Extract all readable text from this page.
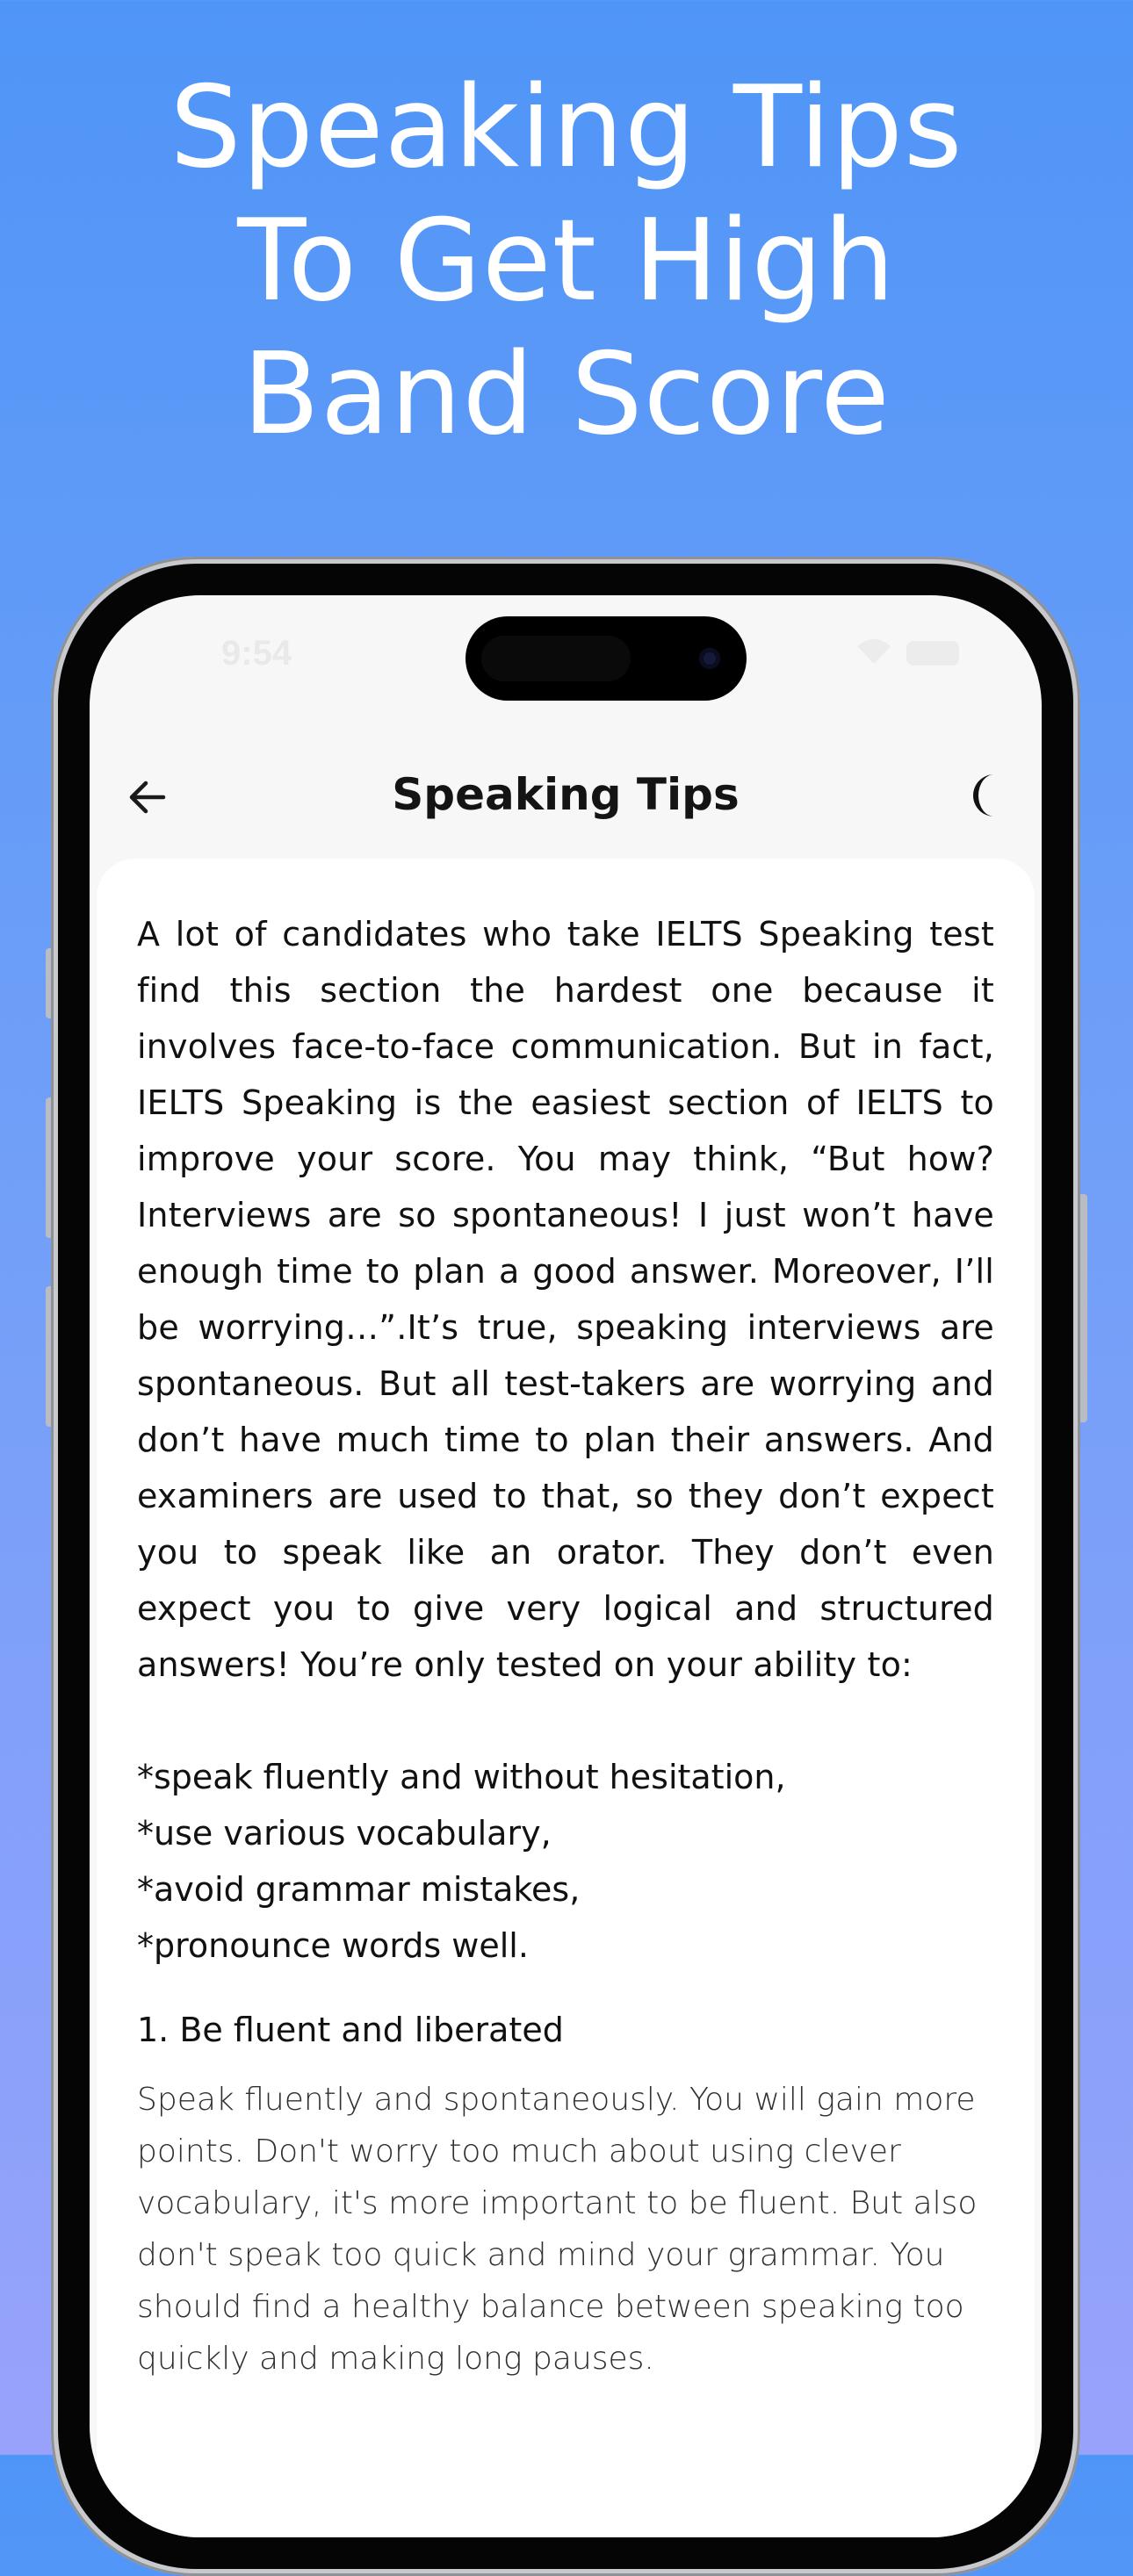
Speaking Tips
To Get High
Band Score
9:54
Speaking Tips

A lot of candidates who take IELTS Speaking test find this section the hardest one because it involves face-to-face communication. But in fact, IELTS Speaking is the easiest section of IELTS to improve your score. You may think, “But how? Interviews are so spontaneous! I just won’t have enough time to plan a good answer. Moreover, I’ll be worrying…”.It’s true, speaking interviews are spontaneous. But all test-takers are worrying and don’t have much time to plan their answers. And examiners are used to that, so they don’t expect you to speak like an orator. They don’t even expect you to give very logical and structured answers! You’re only tested on your ability to:

*speak fluently and without hesitation,
*use various vocabulary,
*avoid grammar mistakes,
*pronounce words well.
1. Be fluent and liberated

Speak fluently and spontaneously. You will gain more points. Don't worry too much about using clever vocabulary, it's more important to be fluent. But also don't speak too quick and mind your grammar. You should find a healthy balance between speaking too quickly and making long pauses.
